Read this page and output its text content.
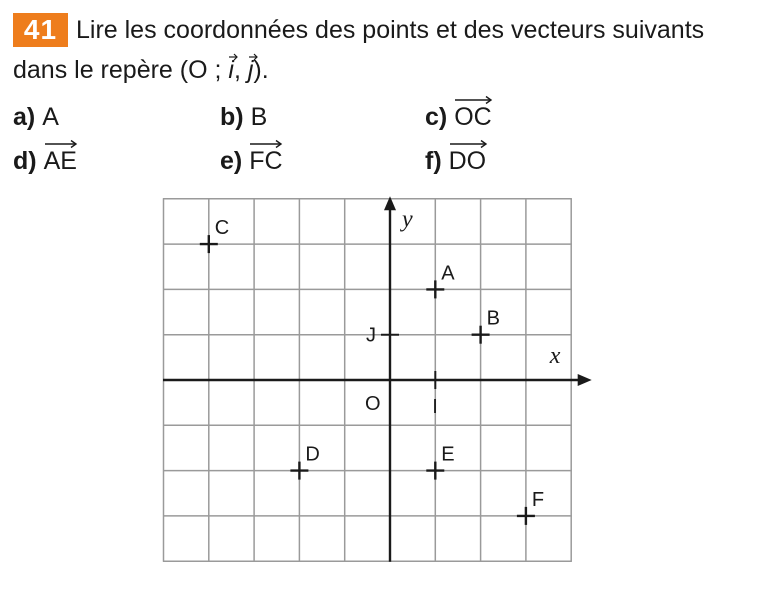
41 Lire les coordonnées des points et des vecteurs suivants
dans le repère (O ; i, j).
a) A	b) B	c) OC
d) AE	e) FC	f) DO
x
y
O	I
J
C
A
B
D	E
F
